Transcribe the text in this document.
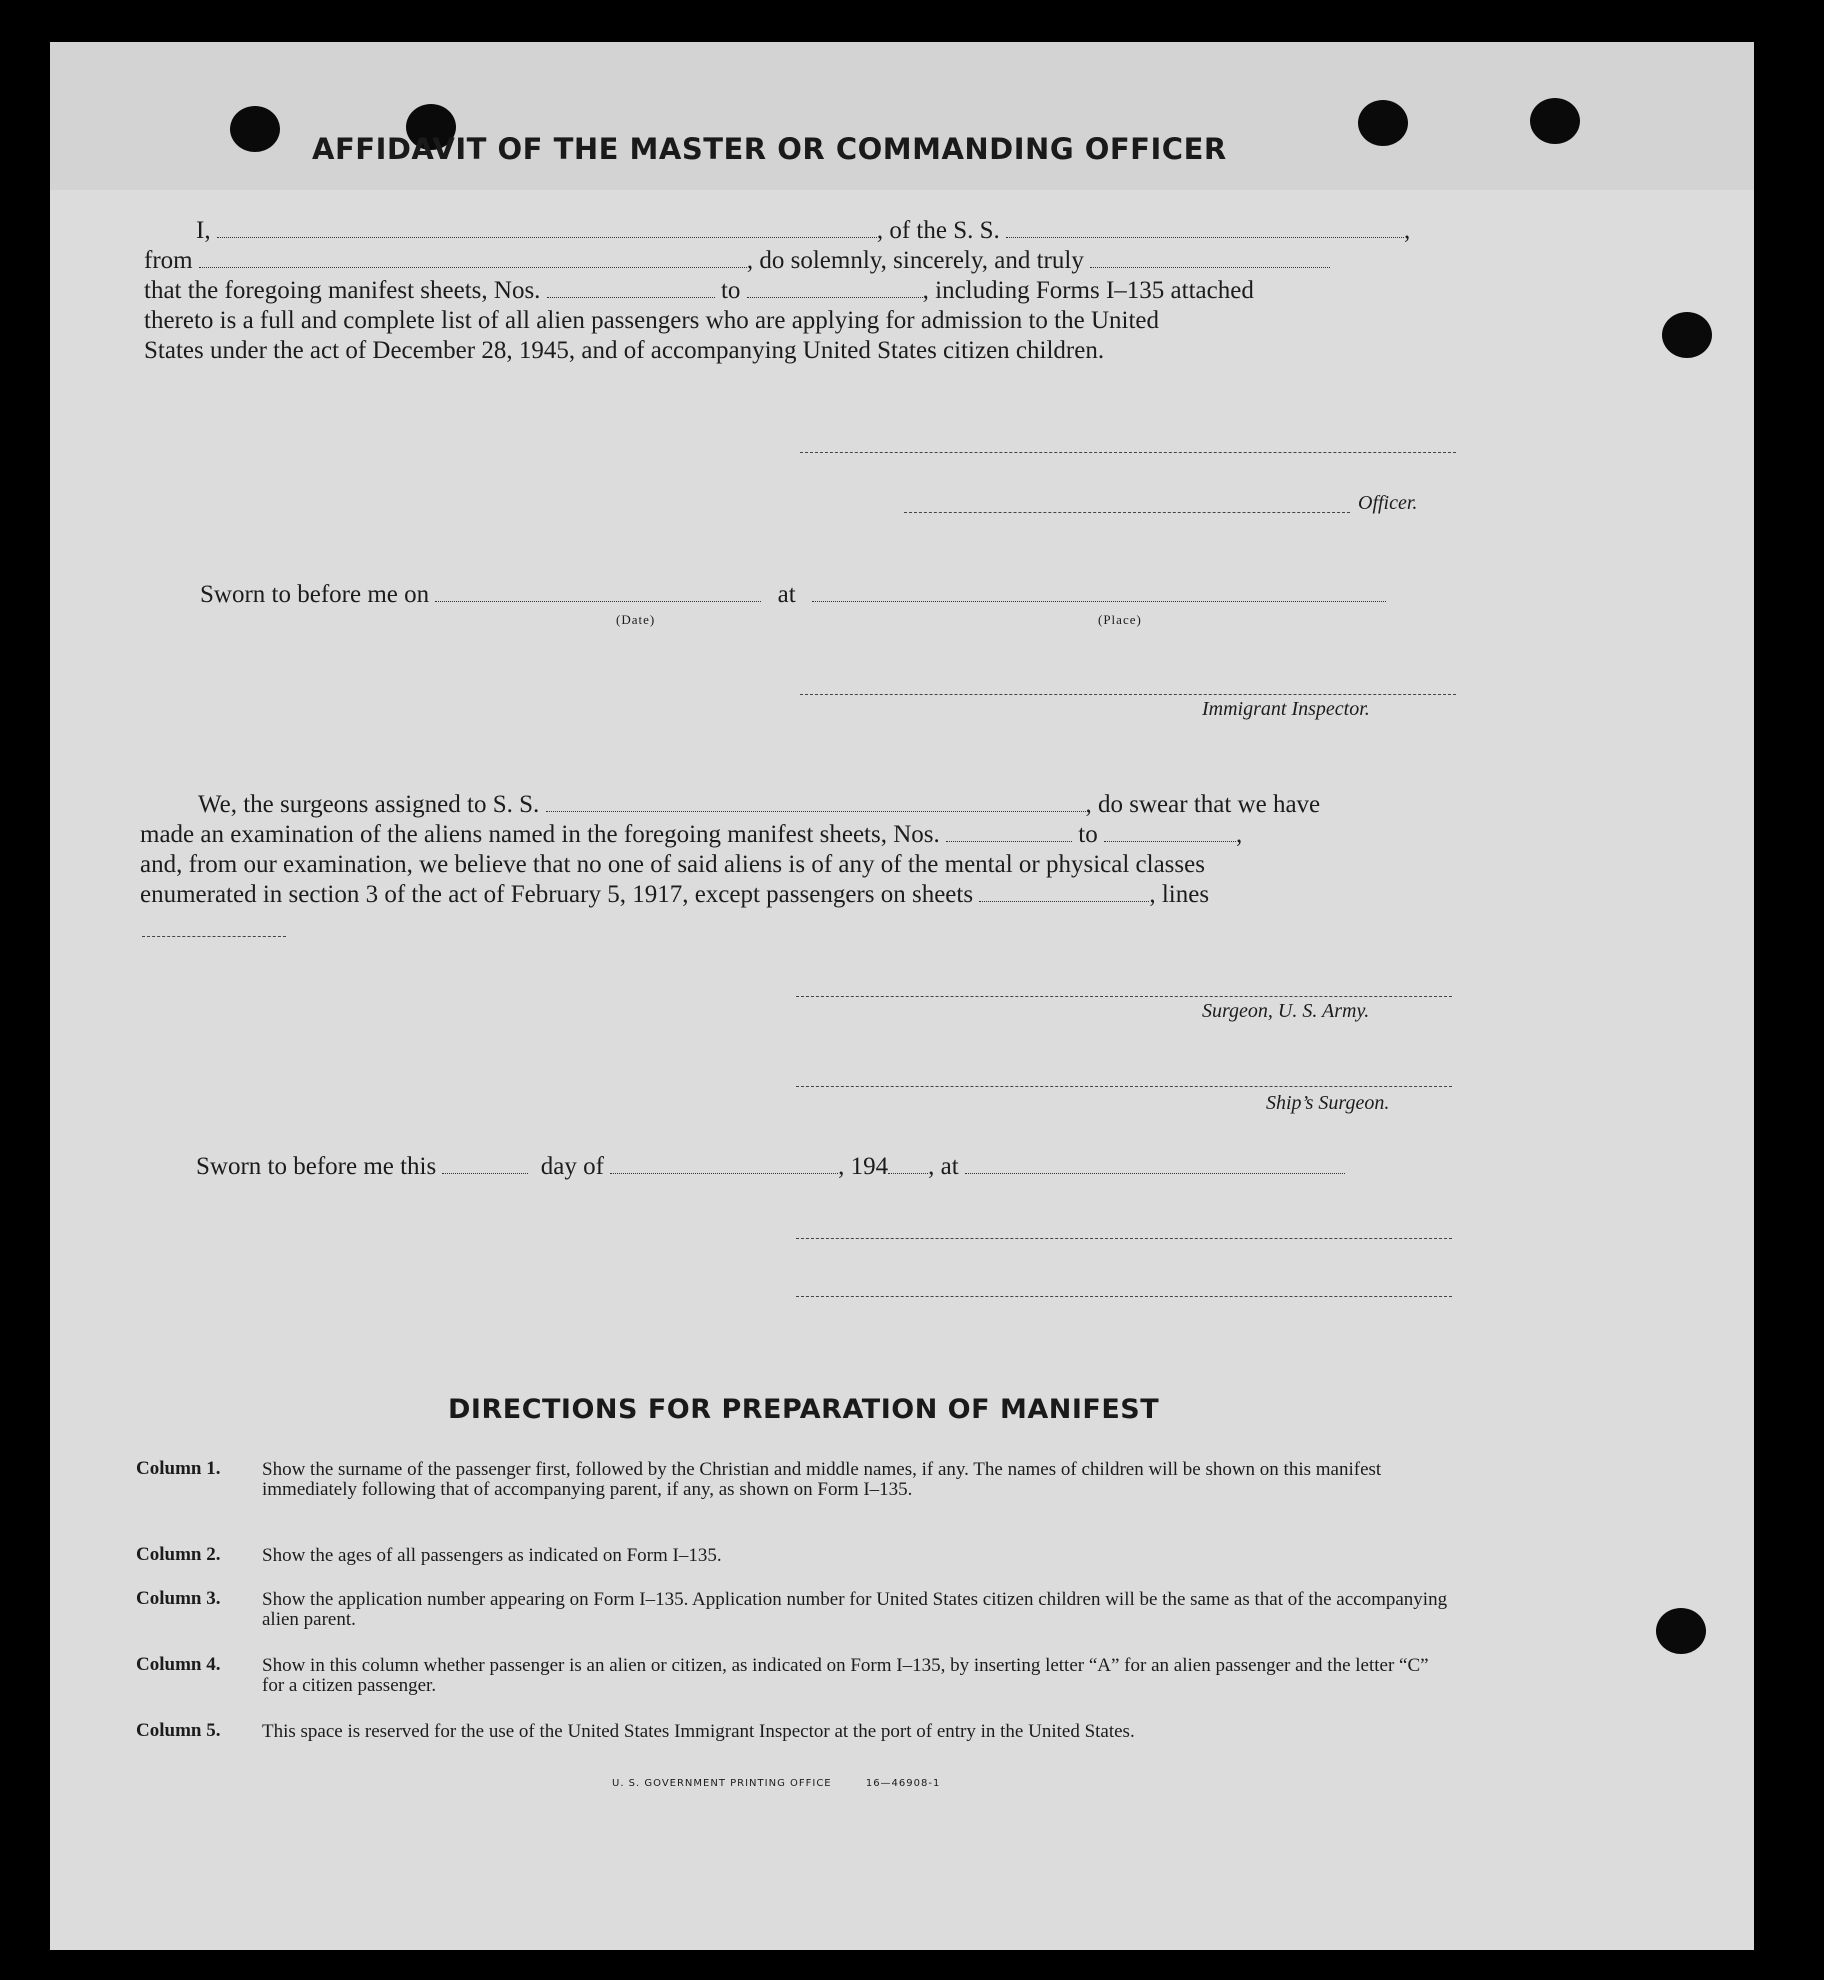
AFFIDAVIT OF THE MASTER OR COMMANDING OFFICER
I,	, of the S. S.	,
from	, do solemnly, sincerely, and truly
that the foregoing manifest sheets, Nos.	to	, including Forms I–135 attached
thereto is a full and complete list of all alien passengers who are applying for admission to the United
States under the act of December 28, 1945, and of accompanying United States citizen children.
Officer.
Sworn to before me on	at
(Date)	(Place)
Immigrant Inspector.
We, the surgeons assigned to S. S.	, do swear that we have
made an examination of the aliens named in the foregoing manifest sheets, Nos.	to	,
and, from our examination, we believe that no one of said aliens is of any of the mental or physical classes
enumerated in section 3 of the act of February 5, 1917, except passengers on sheets	, lines
Surgeon, U. S. Army.
Ship’s Surgeon.
Sworn to before me this	day of	, 194 , at
DIRECTIONS FOR PREPARATION OF MANIFEST
Column 1. Show the surname of the passenger first, followed by the Christian and middle names, if any. The names of children will be shown on this manifest immediately following that of accompanying parent, if any, as shown on Form I–135.
Column 2. Show the ages of all passengers as indicated on Form I–135.
Column 3. Show the application number appearing on Form I–135. Application number for United States citizen children will be the same as that of the accompanying alien parent.
Column 4. Show in this column whether passenger is an alien or citizen, as indicated on Form I–135, by inserting letter “A” for an alien passenger and the letter “C” for a citizen passenger.
Column 5. This space is reserved for the use of the United States Immigrant Inspector at the port of entry in the United States.
U. S. GOVERNMENT PRINTING OFFICE	16—46908-1
